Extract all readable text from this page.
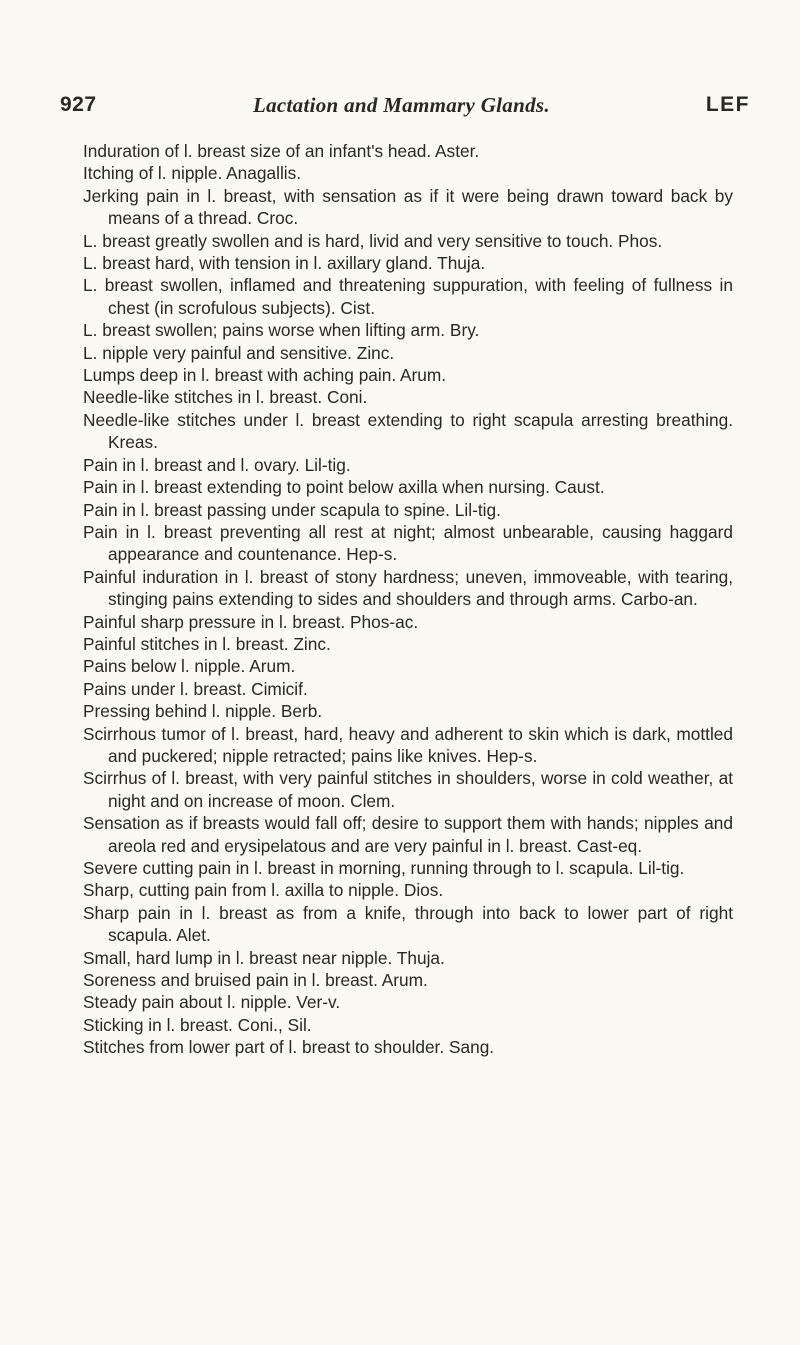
927	Lactation and Mammary Glands.	LEF
Induration of l. breast size of an infant's head. Aster.
Itching of l. nipple. Anagallis.
Jerking pain in l. breast, with sensation as if it were being drawn toward back by means of a thread. Croc.
L. breast greatly swollen and is hard, livid and very sensitive to touch. Phos.
L. breast hard, with tension in l. axillary gland. Thuja.
L. breast swollen, inflamed and threatening suppuration, with feeling of fullness in chest (in scrofulous subjects). Cist.
L. breast swollen; pains worse when lifting arm. Bry.
L. nipple very painful and sensitive. Zinc.
Lumps deep in l. breast with aching pain. Arum.
Needle-like stitches in l. breast. Coni.
Needle-like stitches under l. breast extending to right scapula arresting breathing. Kreas.
Pain in l. breast and l. ovary. Lil-tig.
Pain in l. breast extending to point below axilla when nursing. Caust.
Pain in l. breast passing under scapula to spine. Lil-tig.
Pain in l. breast preventing all rest at night; almost unbearable, causing haggard appearance and countenance. Hep-s.
Painful induration in l. breast of stony hardness; uneven, immoveable, with tearing, stinging pains extending to sides and shoulders and through arms. Carbo-an.
Painful sharp pressure in l. breast. Phos-ac.
Painful stitches in l. breast. Zinc.
Pains below l. nipple. Arum.
Pains under l. breast. Cimicif.
Pressing behind l. nipple. Berb.
Scirrhous tumor of l. breast, hard, heavy and adherent to skin which is dark, mottled and puckered; nipple retracted; pains like knives. Hep-s.
Scirrhus of l. breast, with very painful stitches in shoulders, worse in cold weather, at night and on increase of moon. Clem.
Sensation as if breasts would fall off; desire to support them with hands; nipples and areola red and erysipelatous and are very painful in l. breast. Cast-eq.
Severe cutting pain in l. breast in morning, running through to l. scapula. Lil-tig.
Sharp, cutting pain from l. axilla to nipple. Dios.
Sharp pain in l. breast as from a knife, through into back to lower part of right scapula. Alet.
Small, hard lump in l. breast near nipple. Thuja.
Soreness and bruised pain in l. breast. Arum.
Steady pain about l. nipple. Ver-v.
Sticking in l. breast. Coni., Sil.
Stitches from lower part of l. breast to shoulder. Sang.
